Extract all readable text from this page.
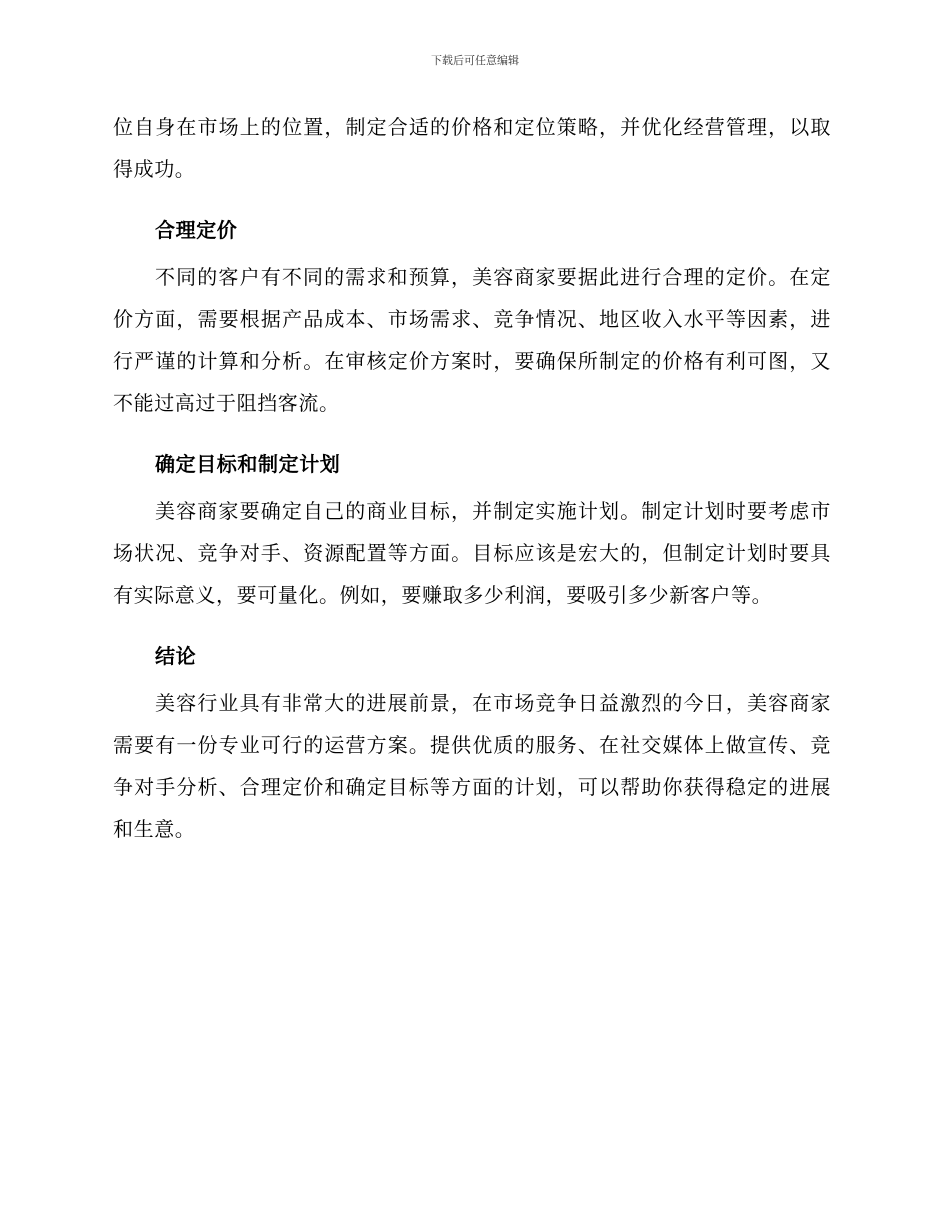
下载后可任意编辑

位自身在市场上的位置，制定合适的价格和定位策略，并优化经营管理，以取得成功。

合理定价

不同的客户有不同的需求和预算，美容商家要据此进行合理的定价。在定价方面，需要根据产品成本、市场需求、竞争情况、地区收入水平等因素，进行严谨的计算和分析。在审核定价方案时，要确保所制定的价格有利可图，又不能过高过于阻挡客流。

确定目标和制定计划

美容商家要确定自己的商业目标，并制定实施计划。制定计划时要考虑市场状况、竞争对手、资源配置等方面。目标应该是宏大的，但制定计划时要具有实际意义，要可量化。例如，要赚取多少利润，要吸引多少新客户等。

结论

美容行业具有非常大的进展前景，在市场竞争日益激烈的今日，美容商家需要有一份专业可行的运营方案。提供优质的服务、在社交媒体上做宣传、竞争对手分析、合理定价和确定目标等方面的计划，可以帮助你获得稳定的进展和生意。
